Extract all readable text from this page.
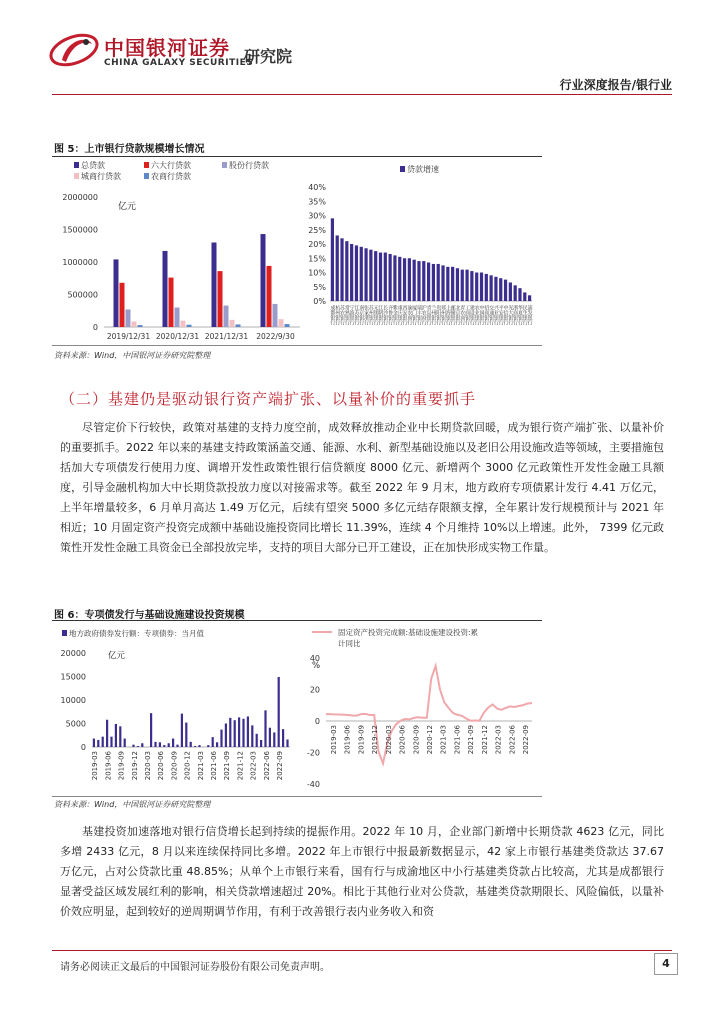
中国银河证券
CHINA GALAXY SECURITIES
研究院
行业深度报告/银行业
图 5：上市银行贷款规模增长情况
总贷款	六大行贷款	股份行贷款
城商行贷款	农商行贷款
2000000
1500000
1000000
500000
0
亿元
2019/12/31 2020/12/31 2021/12/31 2022/9/30
贷款增速
40%
35%
30%
25%
20%
15%
10%
5%
0%
成都银行
杭州银行
苏农银行
常熟银行
宁波银行
江苏银行
南京银行
张家港行
苏州银行
无锡银行
江阴银行
长沙银行
齐鲁银行
紫金银行
重庆银行
西安银行
渝农商行
厦门银行
瑞丰银行
沪农商行
青岛银行
兰州银行
贵阳银行
郑州银行
上海银行
邮储银行
北京银行
青农商行
工商银行
建设银行
农业银行
中国银行
招商银行
交通银行
兴业银行
平安银行
中信银行
光大银行
浙商银行
华夏银行
民生银行
浦发银行
资料来源：Wind，中国银河证券研究院整理
（二）基建仍是驱动银行资产端扩张、以量补价的重要抓手

尽管定价下行较快，政策对基建的支持力度空前，成效释放推动企业中长期贷款回暖，成为银行资产端扩张、以量补价的重要抓手。2022 年以来的基建支持政策涵盖交通、能源、水利、新型基础设施以及老旧公用设施改造等领域，主要措施包括加大专项债发行使用力度、调增开发性政策性银行信贷额度 8000 亿元、新增两个 3000 亿元政策性开发性金融工具额度，引导金融机构加大中长期贷款投放力度以对接需求等。截至 2022 年 9 月末，地方政府专项债累计发行 4.41 万亿元，上半年增量较多，6 月单月高达 1.49 万亿元，后续有望突 5000 多亿元结存限额支撑，全年累计发行规模预计与 2021 年相近；10 月固定资产投资完成额中基础设施投资同比增长 11.39%，连续 4 个月维持 10%以上增速。此外， 7399 亿元政策性开发性金融工具资金已全部投放完毕，支持的项目大部分已开工建设，正在加快形成实物工作量。

图 6：专项债发行与基础设施建设投资规模
地方政府债券发行额：专项债券：当月值
亿元
20000
15000
10000
5000
0
2019-03 2019-06 2019-09 2019-12 2020-03 2020-06 2020-09 2020-12 2021-03 2021-06 2021-09 2021-12 2022-03 2022-06 2022-09
固定资产投资完成额:基础设施建设投资:累
计同比
%
40
20
0
-20
-40
2019-03 2019-06 2019-09 2019-12 2020-03 2020-06 2020-09 2020-12 2021-03 2021-06 2021-09 2021-12 2022-03 2022-06 2022-09
资料来源：Wind，中国银河证券研究院整理

基建投资加速落地对银行信贷增长起到持续的提振作用。2022 年 10 月，企业部门新增中长期贷款 4623 亿元，同比多增 2433 亿元，8 月以来连续保持同比多增。2022 年上市银行中报最新数据显示，42 家上市银行基建类贷款达 37.67 万亿元，占对公贷款比重 48.85%；从单个上市银行来看，国有行与成渝地区中小行基建类贷款占比较高，尤其是成都银行显著受益区域发展红利的影响，相关贷款增速超过 20%。相比于其他行业对公贷款，基建类贷款期限长、风险偏低，以量补价效应明显，起到较好的逆周期调节作用，有利于改善银行表内业务收入和资

请务必阅读正文最后的中国银河证券股份有限公司免责声明。	4
